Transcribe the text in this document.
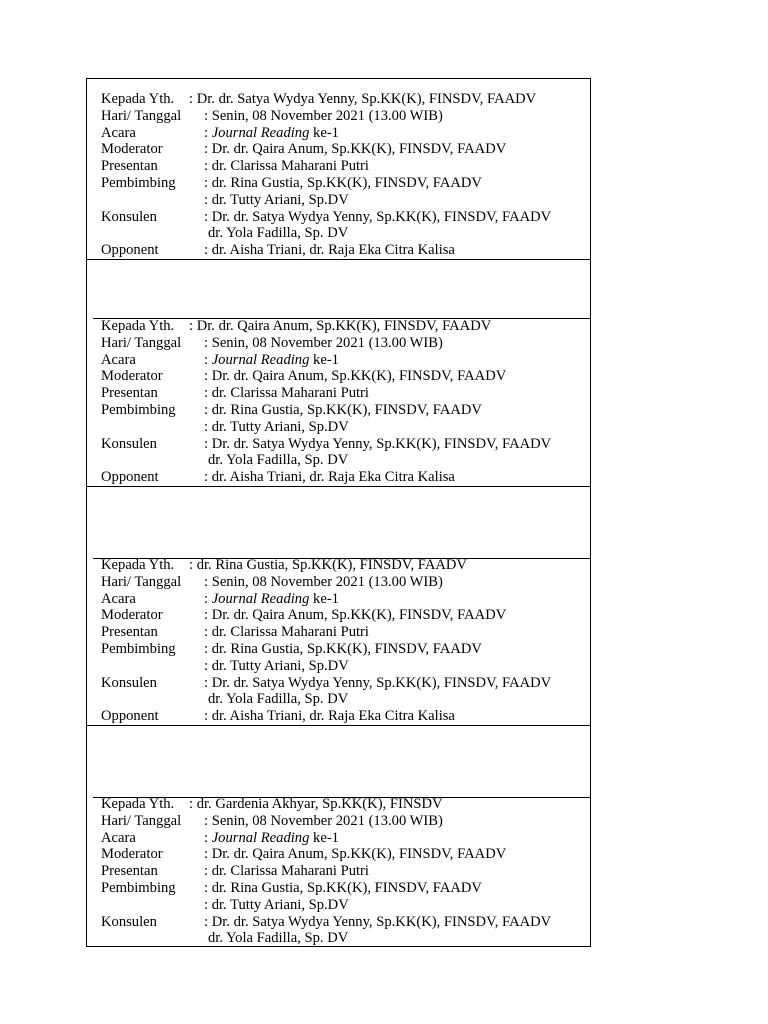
Kepada Yth. : Dr. dr. Satya Wydya Yenny, Sp.KK(K), FINSDV, FAADV
Hari/ Tanggal : Senin, 08 November 2021 (13.00 WIB)
Acara	: Journal Reading ke-1
Moderator	: Dr. dr. Qaira Anum, Sp.KK(K), FINSDV, FAADV
Presentan	: dr. Clarissa Maharani Putri
Pembimbing : dr. Rina Gustia, Sp.KK(K), FINSDV, FAADV
: dr. Tutty Ariani, Sp.DV
Konsulen	: Dr. dr. Satya Wydya Yenny, Sp.KK(K), FINSDV, FAADV
dr. Yola Fadilla, Sp. DV
Opponent	: dr. Aisha Triani, dr. Raja Eka Citra Kalisa
Kepada Yth. : Dr. dr. Qaira Anum, Sp.KK(K), FINSDV, FAADV
Hari/ Tanggal : Senin, 08 November 2021 (13.00 WIB)
Acara	: Journal Reading ke-1
Moderator	: Dr. dr. Qaira Anum, Sp.KK(K), FINSDV, FAADV
Presentan	: dr. Clarissa Maharani Putri
Pembimbing : dr. Rina Gustia, Sp.KK(K), FINSDV, FAADV
: dr. Tutty Ariani, Sp.DV
Konsulen	: Dr. dr. Satya Wydya Yenny, Sp.KK(K), FINSDV, FAADV
dr. Yola Fadilla, Sp. DV
Opponent	: dr. Aisha Triani, dr. Raja Eka Citra Kalisa
Kepada Yth. : dr. Rina Gustia, Sp.KK(K), FINSDV, FAADV
Hari/ Tanggal : Senin, 08 November 2021 (13.00 WIB)
Acara	: Journal Reading ke-1
Moderator	: Dr. dr. Qaira Anum, Sp.KK(K), FINSDV, FAADV
Presentan	: dr. Clarissa Maharani Putri
Pembimbing : dr. Rina Gustia, Sp.KK(K), FINSDV, FAADV
: dr. Tutty Ariani, Sp.DV
Konsulen	: Dr. dr. Satya Wydya Yenny, Sp.KK(K), FINSDV, FAADV
dr. Yola Fadilla, Sp. DV
Opponent	: dr. Aisha Triani, dr. Raja Eka Citra Kalisa
Kepada Yth. : dr. Gardenia Akhyar, Sp.KK(K), FINSDV
Hari/ Tanggal : Senin, 08 November 2021 (13.00 WIB)
Acara	: Journal Reading ke-1
Moderator	: Dr. dr. Qaira Anum, Sp.KK(K), FINSDV, FAADV
Presentan	: dr. Clarissa Maharani Putri
Pembimbing : dr. Rina Gustia, Sp.KK(K), FINSDV, FAADV
: dr. Tutty Ariani, Sp.DV
Konsulen	: Dr. dr. Satya Wydya Yenny, Sp.KK(K), FINSDV, FAADV
dr. Yola Fadilla, Sp. DV
